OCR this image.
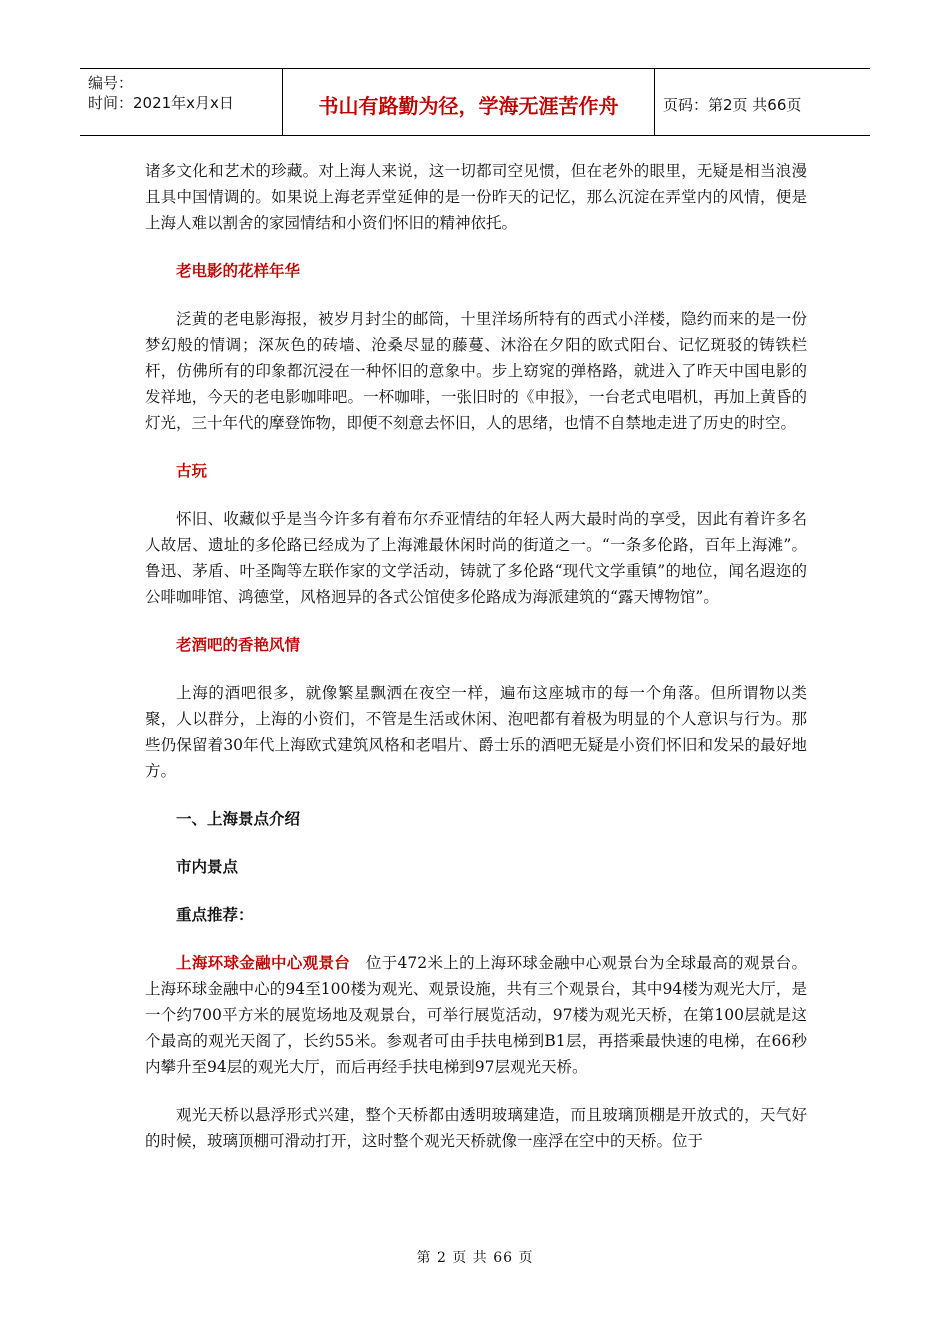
编号：
时间：2021年x月x日	书山有路勤为径，学海无涯苦作舟	页码：第2页 共66页

诸多文化和艺术的珍藏。对上海人来说，这一切都司空见惯，但在老外的眼里，无疑是相当浪漫且具中国情调的。如果说上海老弄堂延伸的是一份昨天的记忆，那么沉淀在弄堂内的风情，便是上海人难以割舍的家园情结和小资们怀旧的精神依托。

老电影的花样年华

泛黄的老电影海报，被岁月封尘的邮筒，十里洋场所特有的西式小洋楼，隐约而来的是一份梦幻般的情调；深灰色的砖墙、沧桑尽显的藤蔓、沐浴在夕阳的欧式阳台、记忆斑驳的铸铁栏杆，仿佛所有的印象都沉浸在一种怀旧的意象中。步上窈窕的弹格路，就进入了昨天中国电影的发祥地，今天的老电影咖啡吧。一杯咖啡，一张旧时的《申报》，一台老式电唱机，再加上黄昏的灯光，三十年代的摩登饰物，即便不刻意去怀旧，人的思绪，也情不自禁地走进了历史的时空。

古玩

怀旧、收藏似乎是当今许多有着布尔乔亚情结的年轻人两大最时尚的享受，因此有着许多名人故居、遗址的多伦路已经成为了上海滩最休闲时尚的街道之一。“一条多伦路，百年上海滩”。鲁迅、茅盾、叶圣陶等左联作家的文学活动，铸就了多伦路“现代文学重镇”的地位，闻名遐迩的公啡咖啡馆、鸿德堂，风格迥异的各式公馆使多伦路成为海派建筑的“露天博物馆”。

老酒吧的香艳风情

上海的酒吧很多，就像繁星飘洒在夜空一样，遍布这座城市的每一个角落。但所谓物以类聚，人以群分，上海的小资们，不管是生活或休闲、泡吧都有着极为明显的个人意识与行为。那些仍保留着30年代上海欧式建筑风格和老唱片、爵士乐的酒吧无疑是小资们怀旧和发呆的最好地方。

一、上海景点介绍

市内景点

重点推荐：

上海环球金融中心观景台 位于472米上的上海环球金融中心观景台为全球最高的观景台。上海环球金融中心的94至100楼为观光、观景设施，共有三个观景台，其中94楼为观光大厅，是一个约700平方米的展览场地及观景台，可举行展览活动，97楼为观光天桥，在第100层就是这个最高的观光天阁了，长约55米。参观者可由手扶电梯到B1层，再搭乘最快速的电梯，在66秒内攀升至94层的观光大厅，而后再经手扶电梯到97层观光天桥。

观光天桥以悬浮形式兴建，整个天桥都由透明玻璃建造，而且玻璃顶棚是开放式的，天气好的时候，玻璃顶棚可滑动打开，这时整个观光天桥就像一座浮在空中的天桥。位于

第 2 页 共 66 页
